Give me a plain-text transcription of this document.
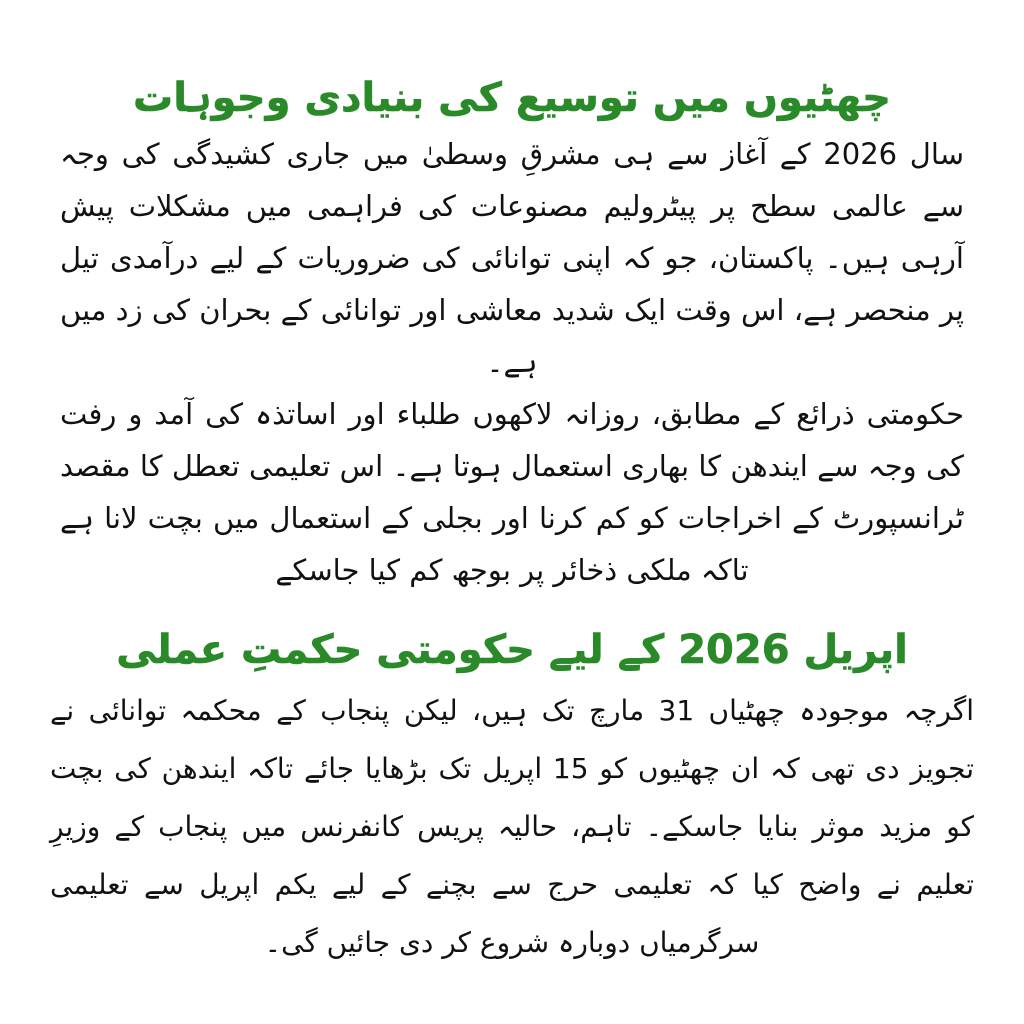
چھٹیوں میں توسیع کی بنیادی وجوہات

سال 2026 کے آغاز سے ہی مشرقِ وسطیٰ میں جاری کشیدگی کی وجہ سے عالمی سطح پر پیٹرولیم مصنوعات کی فراہمی میں مشکلات پیش آرہی ہیں۔ پاکستان، جو کہ اپنی توانائی کی ضروریات کے لیے درآمدی تیل پر منحصر ہے، اس وقت ایک شدید معاشی اور توانائی کے بحران کی زد میں ہے۔

حکومتی ذرائع کے مطابق، روزانہ لاکھوں طلباء اور اساتذہ کی آمد و رفت کی وجہ سے ایندھن کا بھاری استعمال ہوتا ہے۔ اس تعلیمی تعطل کا مقصد ٹرانسپورٹ کے اخراجات کو کم کرنا اور بجلی کے استعمال میں بچت لانا ہے تاکہ ملکی ذخائر پر بوجھ کم کیا جاسکے

اپریل 2026 کے لیے حکومتی حکمتِ عملی

اگرچہ موجودہ چھٹیاں 31 مارچ تک ہیں، لیکن پنجاب کے محکمہ توانائی نے تجویز دی تھی کہ ان چھٹیوں کو 15 اپریل تک بڑھایا جائے تاکہ ایندھن کی بچت کو مزید موثر بنایا جاسکے۔ تاہم، حالیہ پریس کانفرنس میں پنجاب کے وزیرِ تعلیم نے واضح کیا کہ تعلیمی حرج سے بچنے کے لیے یکم اپریل سے تعلیمی سرگرمیاں دوبارہ شروع کر دی جائیں گی۔
